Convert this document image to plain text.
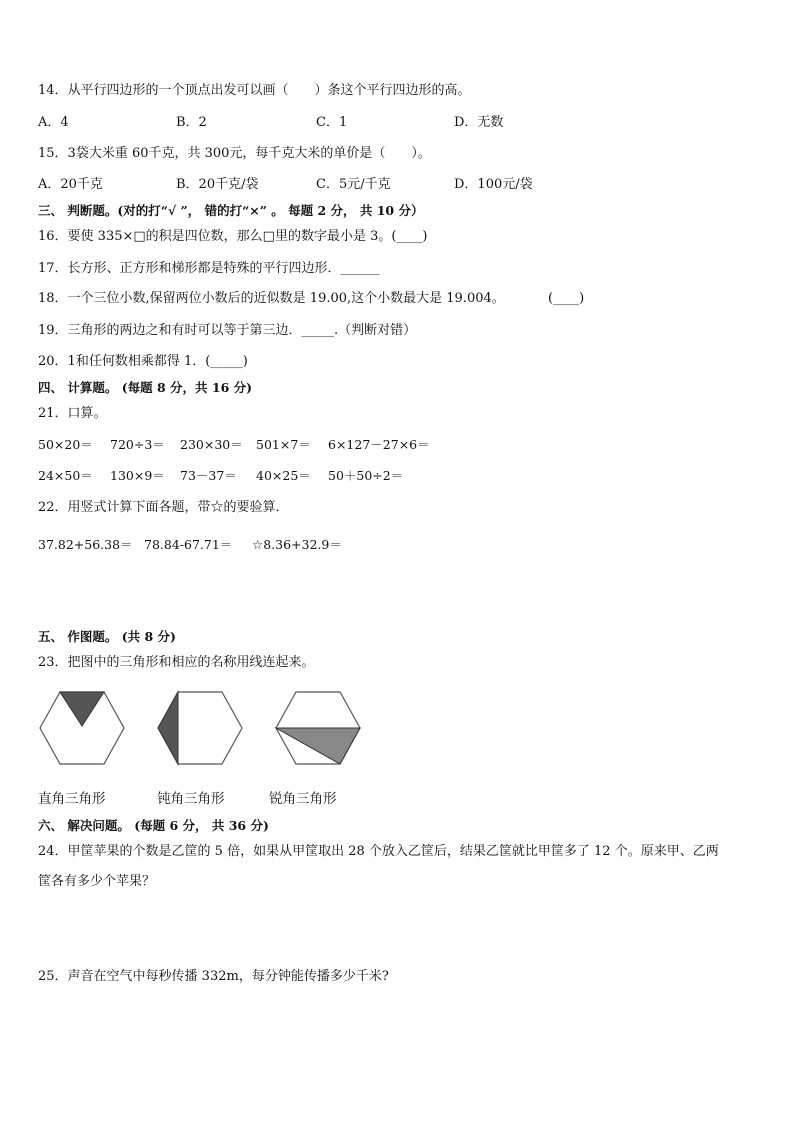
14．从平行四边形的一个顶点出发可以画（　　）条这个平行四边形的高。
A．4	B．2	C．1	D．无数
15．3袋大米重 60千克，共 300元，每千克大米的单价是（　　）。
A．20千克	B．20千克/袋	C．5元/千克	D．100元/袋
三、 判断题。(对的打“√ ”， 错的打“×” 。 每题 2 分， 共 10 分）
16．要使 335×□的积是四位数，那么□里的数字最小是 3。(____)
17．长方形、正方形和梯形都是特殊的平行四边形．______
18．一个三位小数,保留两位小数后的近似数是 19.00,这个小数最大是 19.004。	(____)
19．三角形的两边之和有时可以等于第三边．_____.（判断对错）
20．1和任何数相乘都得 1．(_____)
四、 计算题。 (每题 8 分，共 16 分)
21．口算。
50×20＝ 720÷3＝ 230×30＝ 501×7＝ 6×127－27×6＝
24×50＝ 130×9＝ 73－37＝ 40×25＝ 50＋50÷2＝
22．用竖式计算下面各题，带☆的要验算．
37.82+56.38＝ 78.84-67.71＝ ☆8.36+32.9＝
五、 作图题。 (共 8 分)
23．把图中的三角形和相应的名称用线连起来。
直角三角形	钝角三角形	锐角三角形
六、 解决问题。 (每题 6 分， 共 36 分)
24．甲筐苹果的个数是乙筐的 5 倍，如果从甲筐取出 28 个放入乙筐后，结果乙筐就比甲筐多了 12 个。原来甲、乙两
筐各有多少个苹果？
25．声音在空气中每秒传播 332m，每分钟能传播多少千米?
